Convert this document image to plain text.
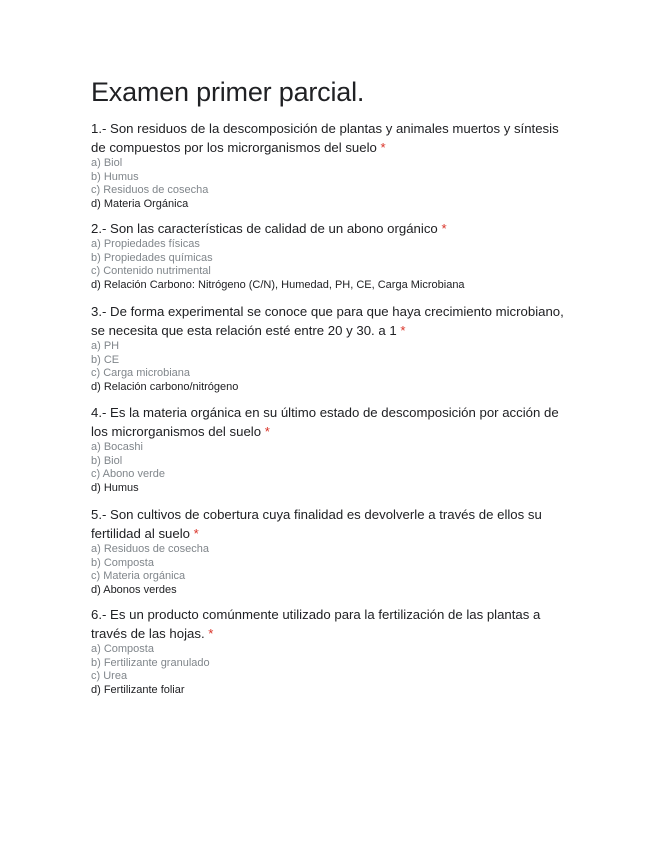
Examen primer parcial.

1.- Son residuos de la descomposición de plantas y animales muertos y síntesis de compuestos por los microrganismos del suelo *

a) Biol
b) Humus
c) Residuos de cosecha
d) Materia Orgánica

2.- Son las características de calidad de un abono orgánico *

a) Propiedades físicas
b) Propiedades químicas
c) Contenido nutrimental
d) Relación Carbono: Nitrógeno (C/N), Humedad, PH, CE, Carga Microbiana

3.- De forma experimental se conoce que para que haya crecimiento microbiano, se necesita que esta relación esté entre 20 y 30. a 1 *

a) PH
b) CE
c) Carga microbiana
d) Relación carbono/nitrógeno

4.- Es la materia orgánica en su último estado de descomposición por acción de los microrganismos del suelo *

a) Bocashi
b) Biol
c) Abono verde
d) Humus

5.- Son cultivos de cobertura cuya finalidad es devolverle a través de ellos su fertilidad al suelo *

a) Residuos de cosecha
b) Composta
c) Materia orgánica
d) Abonos verdes

6.- Es un producto comúnmente utilizado para la fertilización de las plantas a través de las hojas. *

a) Composta
b) Fertilizante granulado
c) Urea
d) Fertilizante foliar
